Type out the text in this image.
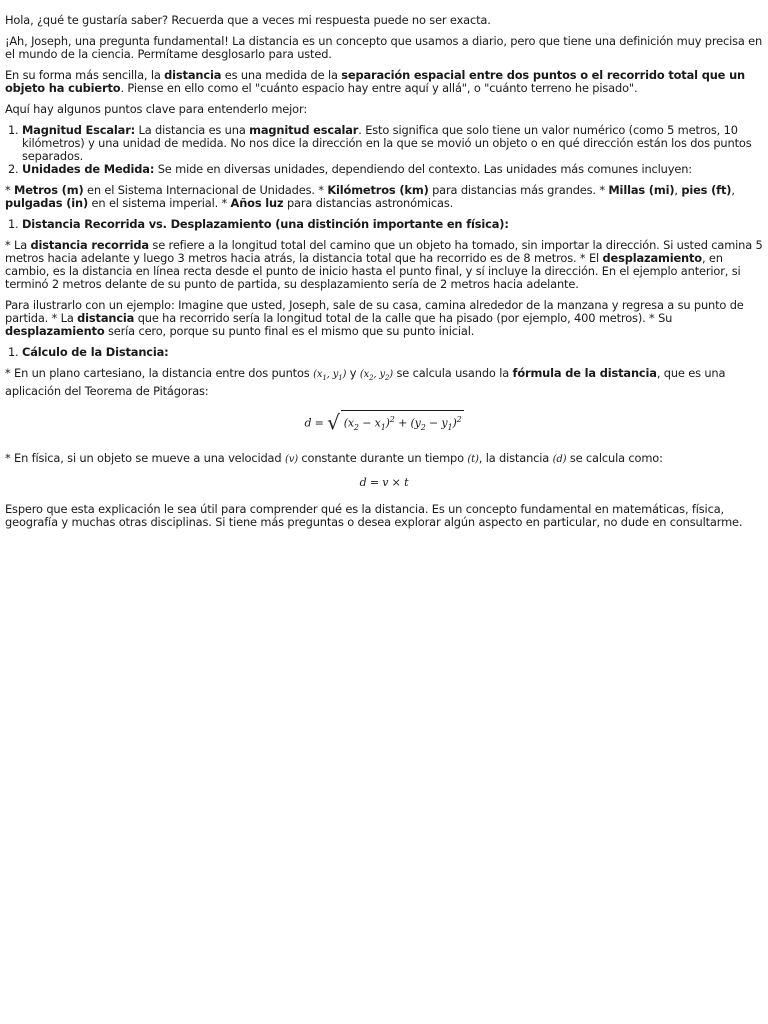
Hola, ¿qué te gustaría saber? Recuerda que a veces mi respuesta puede no ser exacta.

¡Ah, Joseph, una pregunta fundamental! La distancia es un concepto que usamos a diario, pero que tiene una definición muy precisa en el mundo de la ciencia. Permítame desglosarlo para usted.

En su forma más sencilla, la distancia es una medida de la separación espacial entre dos puntos o el recorrido total que un objeto ha cubierto. Piense en ello como el "cuánto espacio hay entre aquí y allá", o "cuánto terreno he pisado".

Aquí hay algunos puntos clave para entenderlo mejor:

1. Magnitud Escalar: La distancia es una magnitud escalar. Esto significa que solo tiene un valor numérico (como 5 metros, 10 kilómetros) y una unidad de medida. No nos dice la dirección en la que se movió un objeto o en qué dirección están los dos puntos separados.
2. Unidades de Medida: Se mide en diversas unidades, dependiendo del contexto. Las unidades más comunes incluyen:

* Metros (m) en el Sistema Internacional de Unidades. * Kilómetros (km) para distancias más grandes. * Millas (mi), pies (ft), pulgadas (in) en el sistema imperial. * Años luz para distancias astronómicas.

1. Distancia Recorrida vs. Desplazamiento (una distinción importante en física):

* La distancia recorrida se refiere a la longitud total del camino que un objeto ha tomado, sin importar la dirección. Si usted camina 5 metros hacia adelante y luego 3 metros hacia atrás, la distancia total que ha recorrido es de 8 metros. * El desplazamiento, en cambio, es la distancia en línea recta desde el punto de inicio hasta el punto final, y sí incluye la dirección. En el ejemplo anterior, si terminó 2 metros delante de su punto de partida, su desplazamiento sería de 2 metros hacia adelante.

Para ilustrarlo con un ejemplo: Imagine que usted, Joseph, sale de su casa, camina alrededor de la manzana y regresa a su punto de partida. * La distancia que ha recorrido sería la longitud total de la calle que ha pisado (por ejemplo, 400 metros). * Su desplazamiento sería cero, porque su punto final es el mismo que su punto inicial.

1. Cálculo de la Distancia:

* En un plano cartesiano, la distancia entre dos puntos ($x_1$, $y_1$) y ($x_2$, $y_2$) se calcula usando la fórmula de la distancia, que es una aplicación del Teorema de Pitágoras:

d = √ $(x_2 - x_1)^2 + (y_2 - y_1)^2$

* En física, si un objeto se mueve a una velocidad (v) constante durante un tiempo (t), la distancia (d) se calcula como:

d = v × t

Espero que esta explicación le sea útil para comprender qué es la distancia. Es un concepto fundamental en matemáticas, física, geografía y muchas otras disciplinas. Si tiene más preguntas o desea explorar algún aspecto en particular, no dude en consultarme.
